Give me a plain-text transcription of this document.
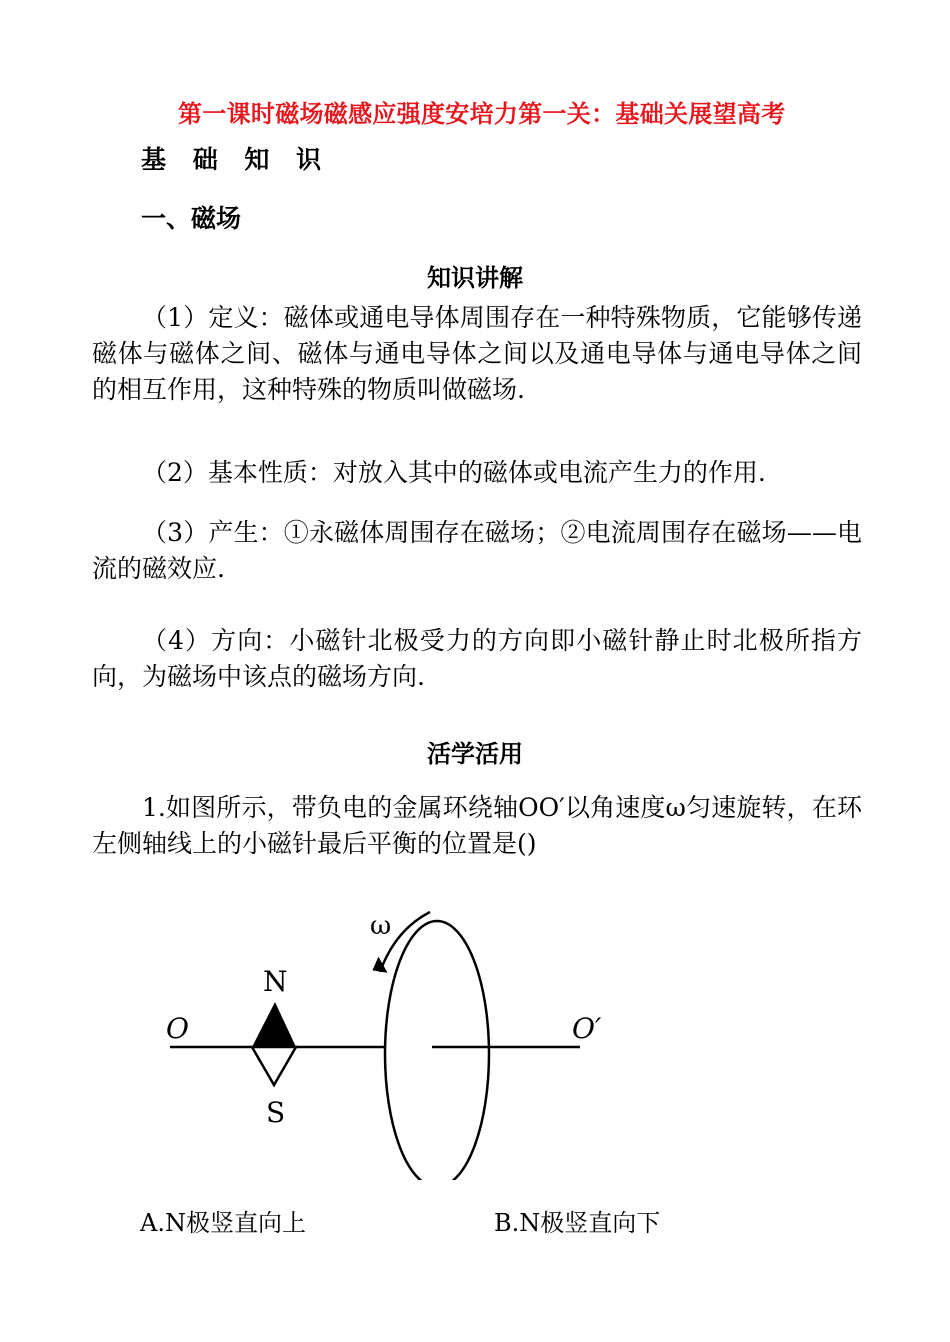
第一课时磁场磁感应强度安培力第一关：基础关展望高考
基 础 知 识
一、磁场
知识讲解
（1）定义：磁体或通电导体周围存在一种特殊物质，它能够传递磁体与磁体之间、磁体与通电导体之间以及通电导体与通电导体之间的相互作用，这种特殊的物质叫做磁场.
（2）基本性质：对放入其中的磁体或电流产生力的作用.
（3）产生：①永磁体周围存在磁场；②电流周围存在磁场——电流的磁效应.
（4）方向：小磁针北极受力的方向即小磁针静止时北极所指方向，为磁场中该点的磁场方向.
活学活用
1.如图所示，带负电的金属环绕轴OO′以角速度ω匀速旋转，在环左侧轴线上的小磁针最后平衡的位置是()
ω
N
S
O	O′
A.N极竖直向上	B.N极竖直向下
